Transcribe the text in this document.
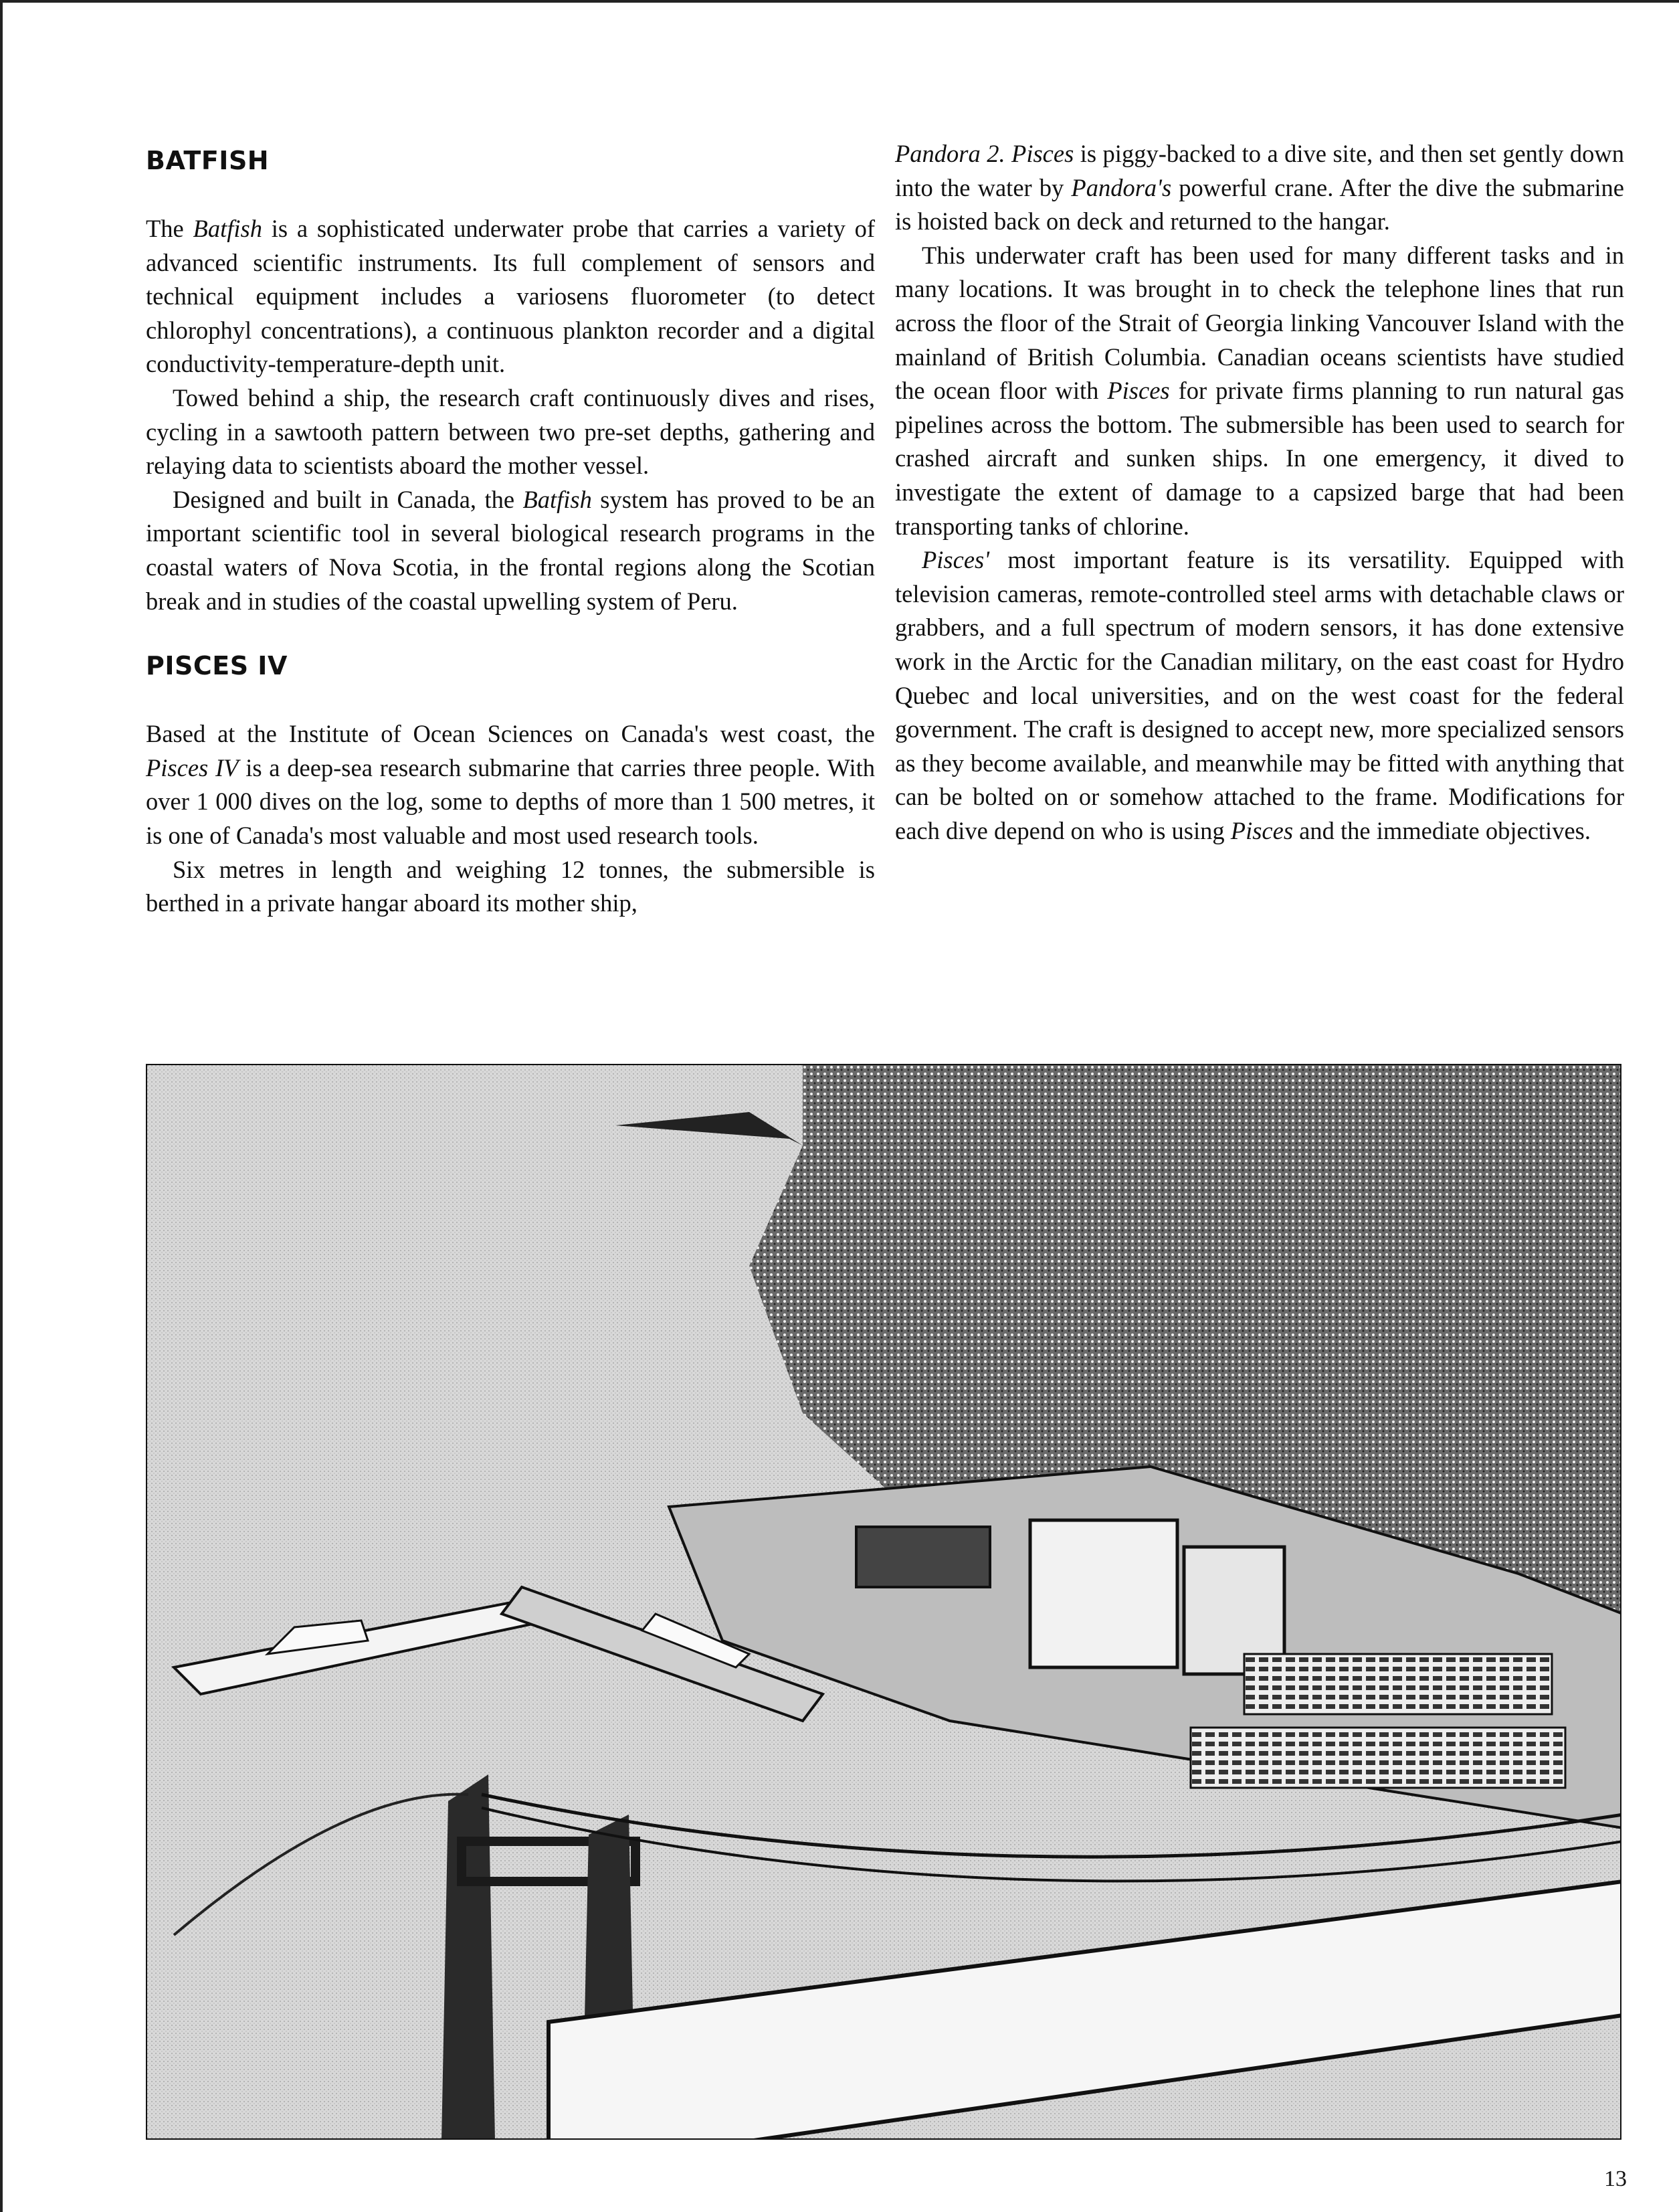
BATFISH

The Batfish is a sophisticated underwater probe that carries a variety of advanced scientific instruments. Its full complement of sensors and technical equipment includes a variosens fluorometer (to detect chlorophyl concentrations), a continuous plankton recorder and a digital conductivity-temperature-depth unit.

Towed behind a ship, the research craft continuously dives and rises, cycling in a sawtooth pattern between two pre-set depths, gathering and relaying data to scientists aboard the mother vessel.

Designed and built in Canada, the Batfish system has proved to be an important scientific tool in several biological research programs in the coastal waters of Nova Scotia, in the frontal regions along the Scotian break and in studies of the coastal upwelling system of Peru.

PISCES IV

Based at the Institute of Ocean Sciences on Canada's west coast, the Pisces IV is a deep-sea research submarine that carries three people. With over 1 000 dives on the log, some to depths of more than 1 500 metres, it is one of Canada's most valuable and most used research tools.

Six metres in length and weighing 12 tonnes, the submersible is berthed in a private hangar aboard its mother ship,

Pandora 2. Pisces is piggy-backed to a dive site, and then set gently down into the water by Pandora's powerful crane. After the dive the submarine is hoisted back on deck and returned to the hangar.

This underwater craft has been used for many different tasks and in many locations. It was brought in to check the telephone lines that run across the floor of the Strait of Georgia linking Vancouver Island with the mainland of British Columbia. Canadian oceans scientists have studied the ocean floor with Pisces for private firms planning to run natural gas pipelines across the bottom. The submersible has been used to search for crashed aircraft and sunken ships. In one emergency, it dived to investigate the extent of damage to a capsized barge that had been transporting tanks of chlorine.

Pisces' most important feature is its versatility. Equipped with television cameras, remote-controlled steel arms with detachable claws or grabbers, and a full spectrum of modern sensors, it has done extensive work in the Arctic for the Canadian military, on the east coast for Hydro Quebec and local universities, and on the west coast for the federal government. The craft is designed to accept new, more specialized sensors as they become available, and meanwhile may be fitted with anything that can be bolted on or somehow attached to the frame. Modifications for each dive depend on who is using Pisces and the immediate objectives.

13
